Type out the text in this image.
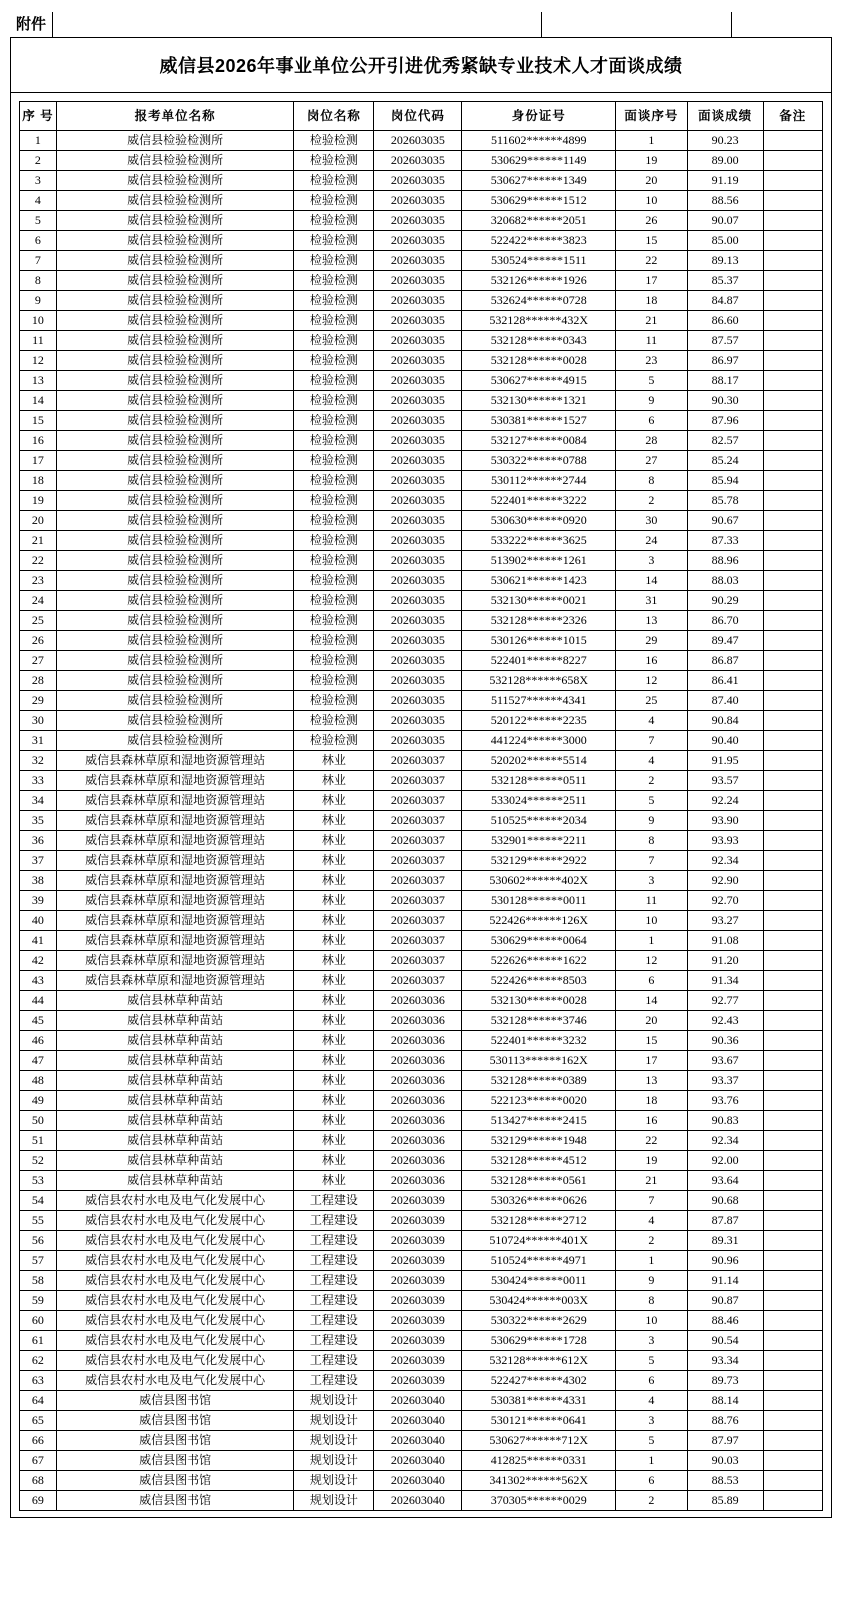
附件
威信县2026年事业单位公开引进优秀紧缺专业技术人才面谈成绩
序 号	报考单位名称	岗位名称	岗位代码	身份证号	面谈序号	面谈成绩	备注
1	威信县检验检测所	检验检测	202603035	511602******4899	1	90.23	
2	威信县检验检测所	检验检测	202603035	530629******1149	19	89.00	
3	威信县检验检测所	检验检测	202603035	530627******1349	20	91.19	
4	威信县检验检测所	检验检测	202603035	530629******1512	10	88.56	
5	威信县检验检测所	检验检测	202603035	320682******2051	26	90.07	
6	威信县检验检测所	检验检测	202603035	522422******3823	15	85.00	
7	威信县检验检测所	检验检测	202603035	530524******1511	22	89.13	
8	威信县检验检测所	检验检测	202603035	532126******1926	17	85.37	
9	威信县检验检测所	检验检测	202603035	532624******0728	18	84.87	
10	威信县检验检测所	检验检测	202603035	532128******432X	21	86.60	
11	威信县检验检测所	检验检测	202603035	532128******0343	11	87.57	
12	威信县检验检测所	检验检测	202603035	532128******0028	23	86.97	
13	威信县检验检测所	检验检测	202603035	530627******4915	5	88.17	
14	威信县检验检测所	检验检测	202603035	532130******1321	9	90.30	
15	威信县检验检测所	检验检测	202603035	530381******1527	6	87.96	
16	威信县检验检测所	检验检测	202603035	532127******0084	28	82.57	
17	威信县检验检测所	检验检测	202603035	530322******0788	27	85.24	
18	威信县检验检测所	检验检测	202603035	530112******2744	8	85.94	
19	威信县检验检测所	检验检测	202603035	522401******3222	2	85.78	
20	威信县检验检测所	检验检测	202603035	530630******0920	30	90.67	
21	威信县检验检测所	检验检测	202603035	533222******3625	24	87.33	
22	威信县检验检测所	检验检测	202603035	513902******1261	3	88.96	
23	威信县检验检测所	检验检测	202603035	530621******1423	14	88.03	
24	威信县检验检测所	检验检测	202603035	532130******0021	31	90.29	
25	威信县检验检测所	检验检测	202603035	532128******2326	13	86.70	
26	威信县检验检测所	检验检测	202603035	530126******1015	29	89.47	
27	威信县检验检测所	检验检测	202603035	522401******8227	16	86.87	
28	威信县检验检测所	检验检测	202603035	532128******658X	12	86.41	
29	威信县检验检测所	检验检测	202603035	511527******4341	25	87.40	
30	威信县检验检测所	检验检测	202603035	520122******2235	4	90.84	
31	威信县检验检测所	检验检测	202603035	441224******3000	7	90.40	
32	威信县森林草原和湿地资源管理站	林业	202603037	520202******5514	4	91.95	
33	威信县森林草原和湿地资源管理站	林业	202603037	532128******0511	2	93.57	
34	威信县森林草原和湿地资源管理站	林业	202603037	533024******2511	5	92.24	
35	威信县森林草原和湿地资源管理站	林业	202603037	510525******2034	9	93.90	
36	威信县森林草原和湿地资源管理站	林业	202603037	532901******2211	8	93.93	
37	威信县森林草原和湿地资源管理站	林业	202603037	532129******2922	7	92.34	
38	威信县森林草原和湿地资源管理站	林业	202603037	530602******402X	3	92.90	
39	威信县森林草原和湿地资源管理站	林业	202603037	530128******0011	11	92.70	
40	威信县森林草原和湿地资源管理站	林业	202603037	522426******126X	10	93.27	
41	威信县森林草原和湿地资源管理站	林业	202603037	530629******0064	1	91.08	
42	威信县森林草原和湿地资源管理站	林业	202603037	522626******1622	12	91.20	
43	威信县森林草原和湿地资源管理站	林业	202603037	522426******8503	6	91.34	
44	威信县林草种苗站	林业	202603036	532130******0028	14	92.77	
45	威信县林草种苗站	林业	202603036	532128******3746	20	92.43	
46	威信县林草种苗站	林业	202603036	522401******3232	15	90.36	
47	威信县林草种苗站	林业	202603036	530113******162X	17	93.67	
48	威信县林草种苗站	林业	202603036	532128******0389	13	93.37	
49	威信县林草种苗站	林业	202603036	522123******0020	18	93.76	
50	威信县林草种苗站	林业	202603036	513427******2415	16	90.83	
51	威信县林草种苗站	林业	202603036	532129******1948	22	92.34	
52	威信县林草种苗站	林业	202603036	532128******4512	19	92.00	
53	威信县林草种苗站	林业	202603036	532128******0561	21	93.64	
54	威信县农村水电及电气化发展中心	工程建设	202603039	530326******0626	7	90.68	
55	威信县农村水电及电气化发展中心	工程建设	202603039	532128******2712	4	87.87	
56	威信县农村水电及电气化发展中心	工程建设	202603039	510724******401X	2	89.31	
57	威信县农村水电及电气化发展中心	工程建设	202603039	510524******4971	1	90.96	
58	威信县农村水电及电气化发展中心	工程建设	202603039	530424******0011	9	91.14	
59	威信县农村水电及电气化发展中心	工程建设	202603039	530424******003X	8	90.87	
60	威信县农村水电及电气化发展中心	工程建设	202603039	530322******2629	10	88.46	
61	威信县农村水电及电气化发展中心	工程建设	202603039	530629******1728	3	90.54	
62	威信县农村水电及电气化发展中心	工程建设	202603039	532128******612X	5	93.34	
63	威信县农村水电及电气化发展中心	工程建设	202603039	522427******4302	6	89.73	
64	威信县图书馆	规划设计	202603040	530381******4331	4	88.14	
65	威信县图书馆	规划设计	202603040	530121******0641	3	88.76	
66	威信县图书馆	规划设计	202603040	530627******712X	5	87.97	
67	威信县图书馆	规划设计	202603040	412825******0331	1	90.03	
68	威信县图书馆	规划设计	202603040	341302******562X	6	88.53	
69	威信县图书馆	规划设计	202603040	370305******0029	2	85.89	
